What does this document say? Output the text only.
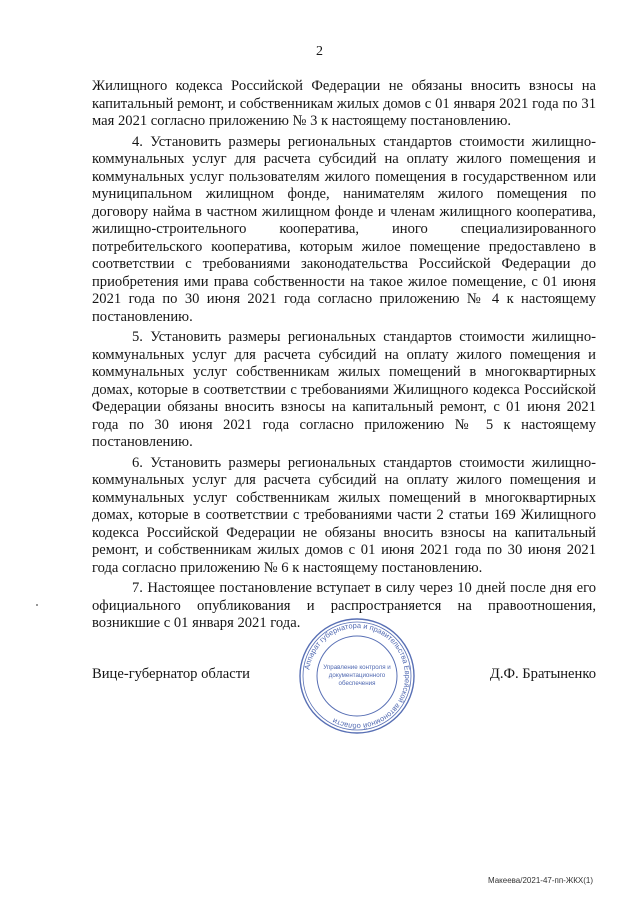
2

Жилищного кодекса Российской Федерации не обязаны вносить взносы на капитальный ремонт, и собственникам жилых домов с 01 января 2021 года по 31 мая 2021 согласно приложению № 3 к настоящему постановлению.

4. Установить размеры региональных стандартов стоимости жилищно-коммунальных услуг для расчета субсидий на оплату жилого помещения и коммунальных услуг пользователям жилого помещения в государственном или муниципальном жилищном фонде, нанимателям жилого помещения по договору найма в частном жилищном фонде и членам жилищного кооператива, жилищно-строительного кооператива, иного специализированного потребительского кооператива, которым жилое помещение предоставлено в соответствии с требованиями законодательства Российской Федерации до приобретения ими права собственности на такое жилое помещение, с 01 июня 2021 года по 30 июня 2021 года согласно приложению № 4 к настоящему постановлению.

5. Установить размеры региональных стандартов стоимости жилищно-коммунальных услуг для расчета субсидий на оплату жилого помещения и коммунальных услуг собственникам жилых помещений в многоквартирных домах, которые в соответствии с требованиями Жилищного кодекса Российской Федерации обязаны вносить взносы на капитальный ремонт, с 01 июня 2021 года по 30 июня 2021 года согласно приложению № 5 к настоящему постановлению.

6. Установить размеры региональных стандартов стоимости жилищно-коммунальных услуг для расчета субсидий на оплату жилого помещения и коммунальных услуг собственникам жилых помещений в многоквартирных домах, которые в соответствии с требованиями части 2 статьи 169 Жилищного кодекса Российской Федерации не обязаны вносить взносы на капитальный ремонт, и собственникам жилых домов с 01 июня 2021 года по 30 июня 2021 года согласно приложению № 6 к настоящему постановлению.

7. Настоящее постановление вступает в силу через 10 дней после дня его официального опубликования и распространяется на правоотношения, возникшие с 01 января 2021 года.

Вице-губернатор области	Д.Ф. Братыненко
Аппарат губернатора и правительства Еврейской автономной области
Управление контроля и
документационного
обеспечения
Макеева/2021-47-пп-ЖКХ(1)
